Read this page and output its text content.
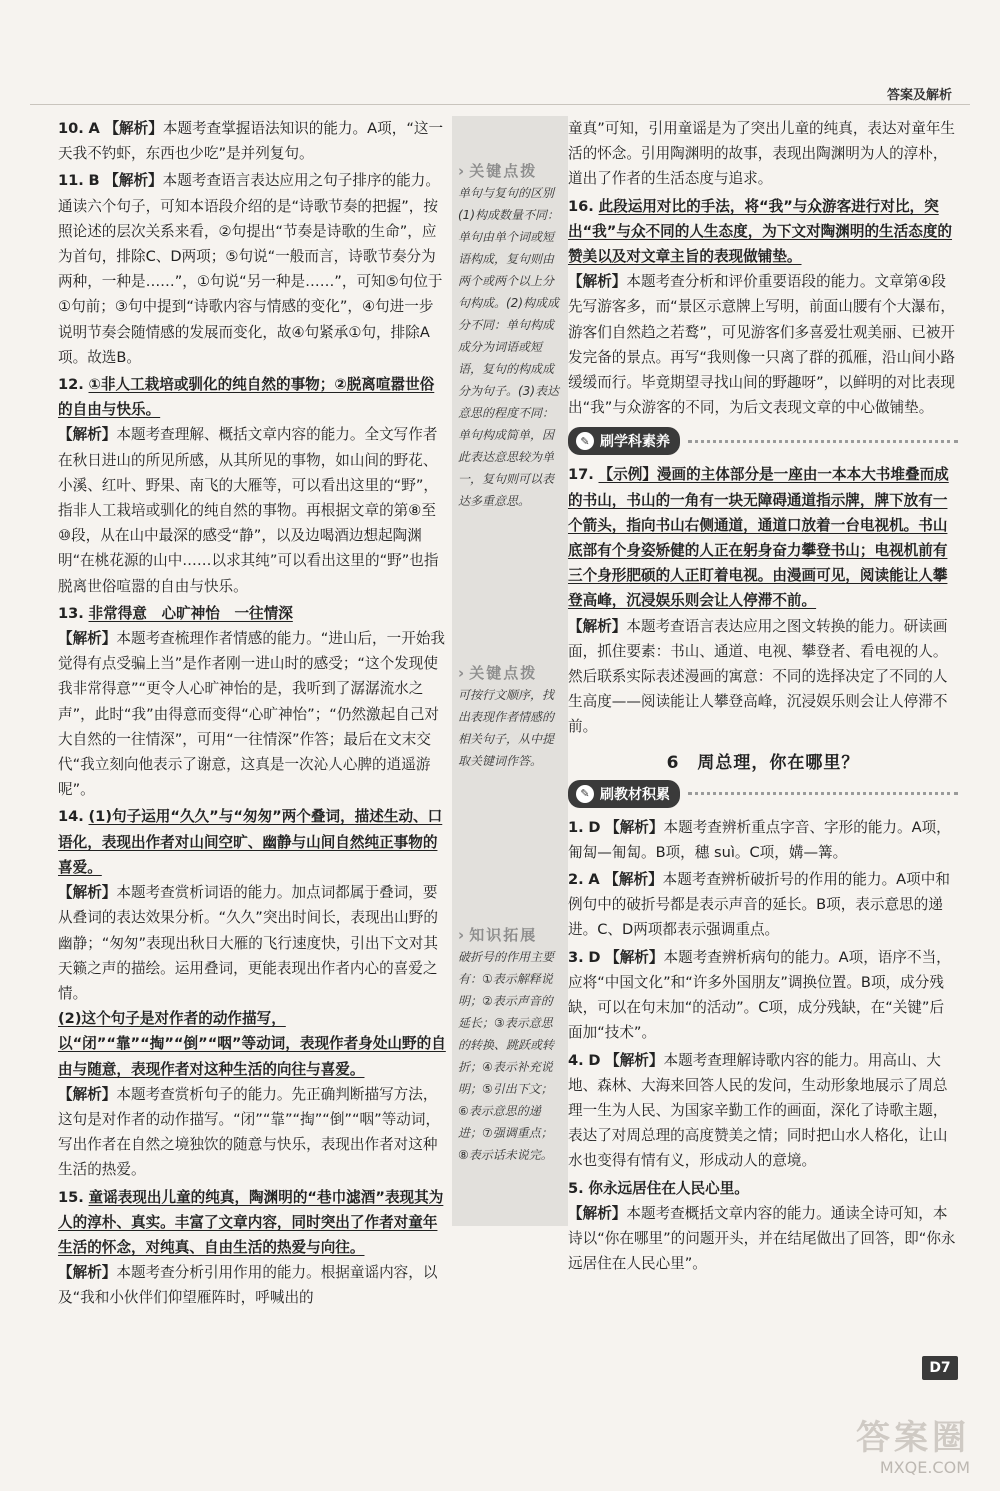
答案及解析
10. A 【解析】本题考查掌握语法知识的能力。A项，“这一天我不钓虾，东西也少吃”是并列复句。
11. B 【解析】本题考查语言表达应用之句子排序的能力。通读六个句子，可知本语段介绍的是“诗歌节奏的把握”，按照论述的层次关系来看，②句提出“节奏是诗歌的生命”，应为首句，排除C、D两项；⑤句说“一般而言，诗歌节奏分为两种，一种是……”，①句说“另一种是……”，可知⑤句位于①句前；③句中提到“诗歌内容与情感的变化”，④句进一步说明节奏会随情感的发展而变化，故④句紧承①句，排除A项。故选B。
12. ①非人工栽培或驯化的纯自然的事物；②脱离喧嚣世俗的自由与快乐。

【解析】本题考查理解、概括文章内容的能力。全文写作者在秋日进山的所见所感，从其所见的事物，如山间的野花、小溪、红叶、野果、南飞的大雁等，可以看出这里的“野”，指非人工栽培或驯化的纯自然的事物。再根据文章的第⑧至⑩段，从在山中最深的感受“静”，以及边喝酒边想起陶渊明“在桃花源的山中……以求其纯”可以看出这里的“野”也指脱离世俗喧嚣的自由与快乐。

13. 非常得意　心旷神怡　一往情深

【解析】本题考查梳理作者情感的能力。“进山后，一开始我觉得有点受骗上当”是作者刚一进山时的感受；“这个发现使我非常得意”“更令人心旷神怡的是，我听到了潺潺流水之声”，此时“我”由得意而变得“心旷神怡”；“仍然激起自己对大自然的一往情深”，可用“一往情深”作答；最后在文末交代“我立刻向他表示了谢意，这真是一次沁人心脾的逍遥游呢”。

14. (1)句子运用“久久”与“匆匆”两个叠词，描述生动、口语化，表现出作者对山间空旷、幽静与山间自然纯正事物的喜爱。

【解析】本题考查赏析词语的能力。加点词都属于叠词，要从叠词的表达效果分析。“久久”突出时间长，表现出山野的幽静；“匆匆”表现出秋日大雁的飞行速度快，引出下文对其天籁之声的描绘。运用叠词，更能表现出作者内心的喜爱之情。

(2)这个句子是对作者的动作描写，以“闭”“靠”“掏”“倒”“咽”等动词，表现作者身处山野的自由与随意，表现作者对这种生活的向往与喜爱。

【解析】本题考查赏析句子的能力。先正确判断描写方法，这句是对作者的动作描写。“闭”“靠”“掏”“倒”“咽”等动词，写出作者在自然之境独饮的随意与快乐，表现出作者对这种生活的热爱。

15. 童谣表现出儿童的纯真，陶渊明的“巷巾滤酒”表现其为人的淳朴、真实。丰富了文章内容，同时突出了作者对童年生活的怀念，对纯真、自由生活的热爱与向往。

【解析】本题考查分析引用作用的能力。根据童谣内容，以及“我和小伙伴们仰望雁阵时，呼喊出的

› 关键点拨
单句与复句的区别(1)构成数量不同：单句由单个词或短语构成，复句则由两个或两个以上分句构成。(2)构成成分不同：单句构成成分为词语或短语，复句的构成成分为句子。(3)表达意思的程度不同：单句构成简单，因此表达意思较为单一，复句则可以表达多重意思。
› 关键点拨
可按行文顺序，找出表现作者情感的相关句子，从中提取关键词作答。
› 知识拓展
破折号的作用主要有：①表示解释说明；②表示声音的延长；③表示意思的转换、跳跃或转折；④表示补充说明；⑤引出下文；⑥表示意思的递进；⑦强调重点；⑧表示话未说完。
童真”可知，引用童谣是为了突出儿童的纯真，表达对童年生活的怀念。引用陶渊明的故事，表现出陶渊明为人的淳朴，道出了作者的生活态度与追求。
16. 此段运用对比的手法，将“我”与众游客进行对比，突出“我”与众不同的人生态度，为下文对陶渊明的生活态度的赞美以及对文章主旨的表现做铺垫。

【解析】本题考查分析和评价重要语段的能力。文章第④段先写游客多，而“景区示意牌上写明，前面山腰有个大瀑布，游客们自然趋之若鹜”，可见游客们多喜爱壮观美丽、已被开发完备的景点。再写“我则像一只离了群的孤雁，沿山间小路缓缓而行。毕竟期望寻找山间的野趣呀”，以鲜明的对比表现出“我”与众游客的不同，为后文表现文章的中心做铺垫。

✎ 刷学科素养
17. 【示例】漫画的主体部分是一座由一本本大书堆叠而成的书山，书山的一角有一块无障碍通道指示牌，牌下放有一个箭头，指向书山右侧通道，通道口放着一台电视机。书山底部有个身姿矫健的人正在躬身奋力攀登书山；电视机前有三个身形肥硕的人正盯着电视。由漫画可见，阅读能让人攀登高峰，沉浸娱乐则会让人停滞不前。

【解析】本题考查语言表达应用之图文转换的能力。研读画面，抓住要素：书山、通道、电视、攀登者、看电视的人。然后联系实际表述漫画的寓意：不同的选择决定了不同的人生高度——阅读能让人攀登高峰，沉浸娱乐则会让人停滞不前。

6　周总理，你在哪里？
✎ 刷教材积累
1. D 【解析】本题考查辨析重点字音、字形的能力。A项，匍匐—匍匐。B项，穗 suì。C项，媾—篝。
2. A 【解析】本题考查辨析破折号的作用的能力。A项中和例句中的破折号都是表示声音的延长。B项，表示意思的递进。C、D两项都表示强调重点。
3. D 【解析】本题考查辨析病句的能力。A项，语序不当，应将“中国文化”和“许多外国朋友”调换位置。B项，成分残缺，可以在句末加“的活动”。C项，成分残缺，在“关键”后面加“技术”。
4. D 【解析】本题考查理解诗歌内容的能力。用高山、大地、森林、大海来回答人民的发问，生动形象地展示了周总理一生为人民、为国家辛勤工作的画面，深化了诗歌主题，表达了对周总理的高度赞美之情；同时把山水人格化，让山水也变得有情有义，形成动人的意境。
5. 你永远居住在人民心里。

【解析】本题考查概括文章内容的能力。通读全诗可知，本诗以“你在哪里”的问题开头，并在结尾做出了回答，即“你永远居住在人民心里”。

D7
答案圈
MXQE.COM
